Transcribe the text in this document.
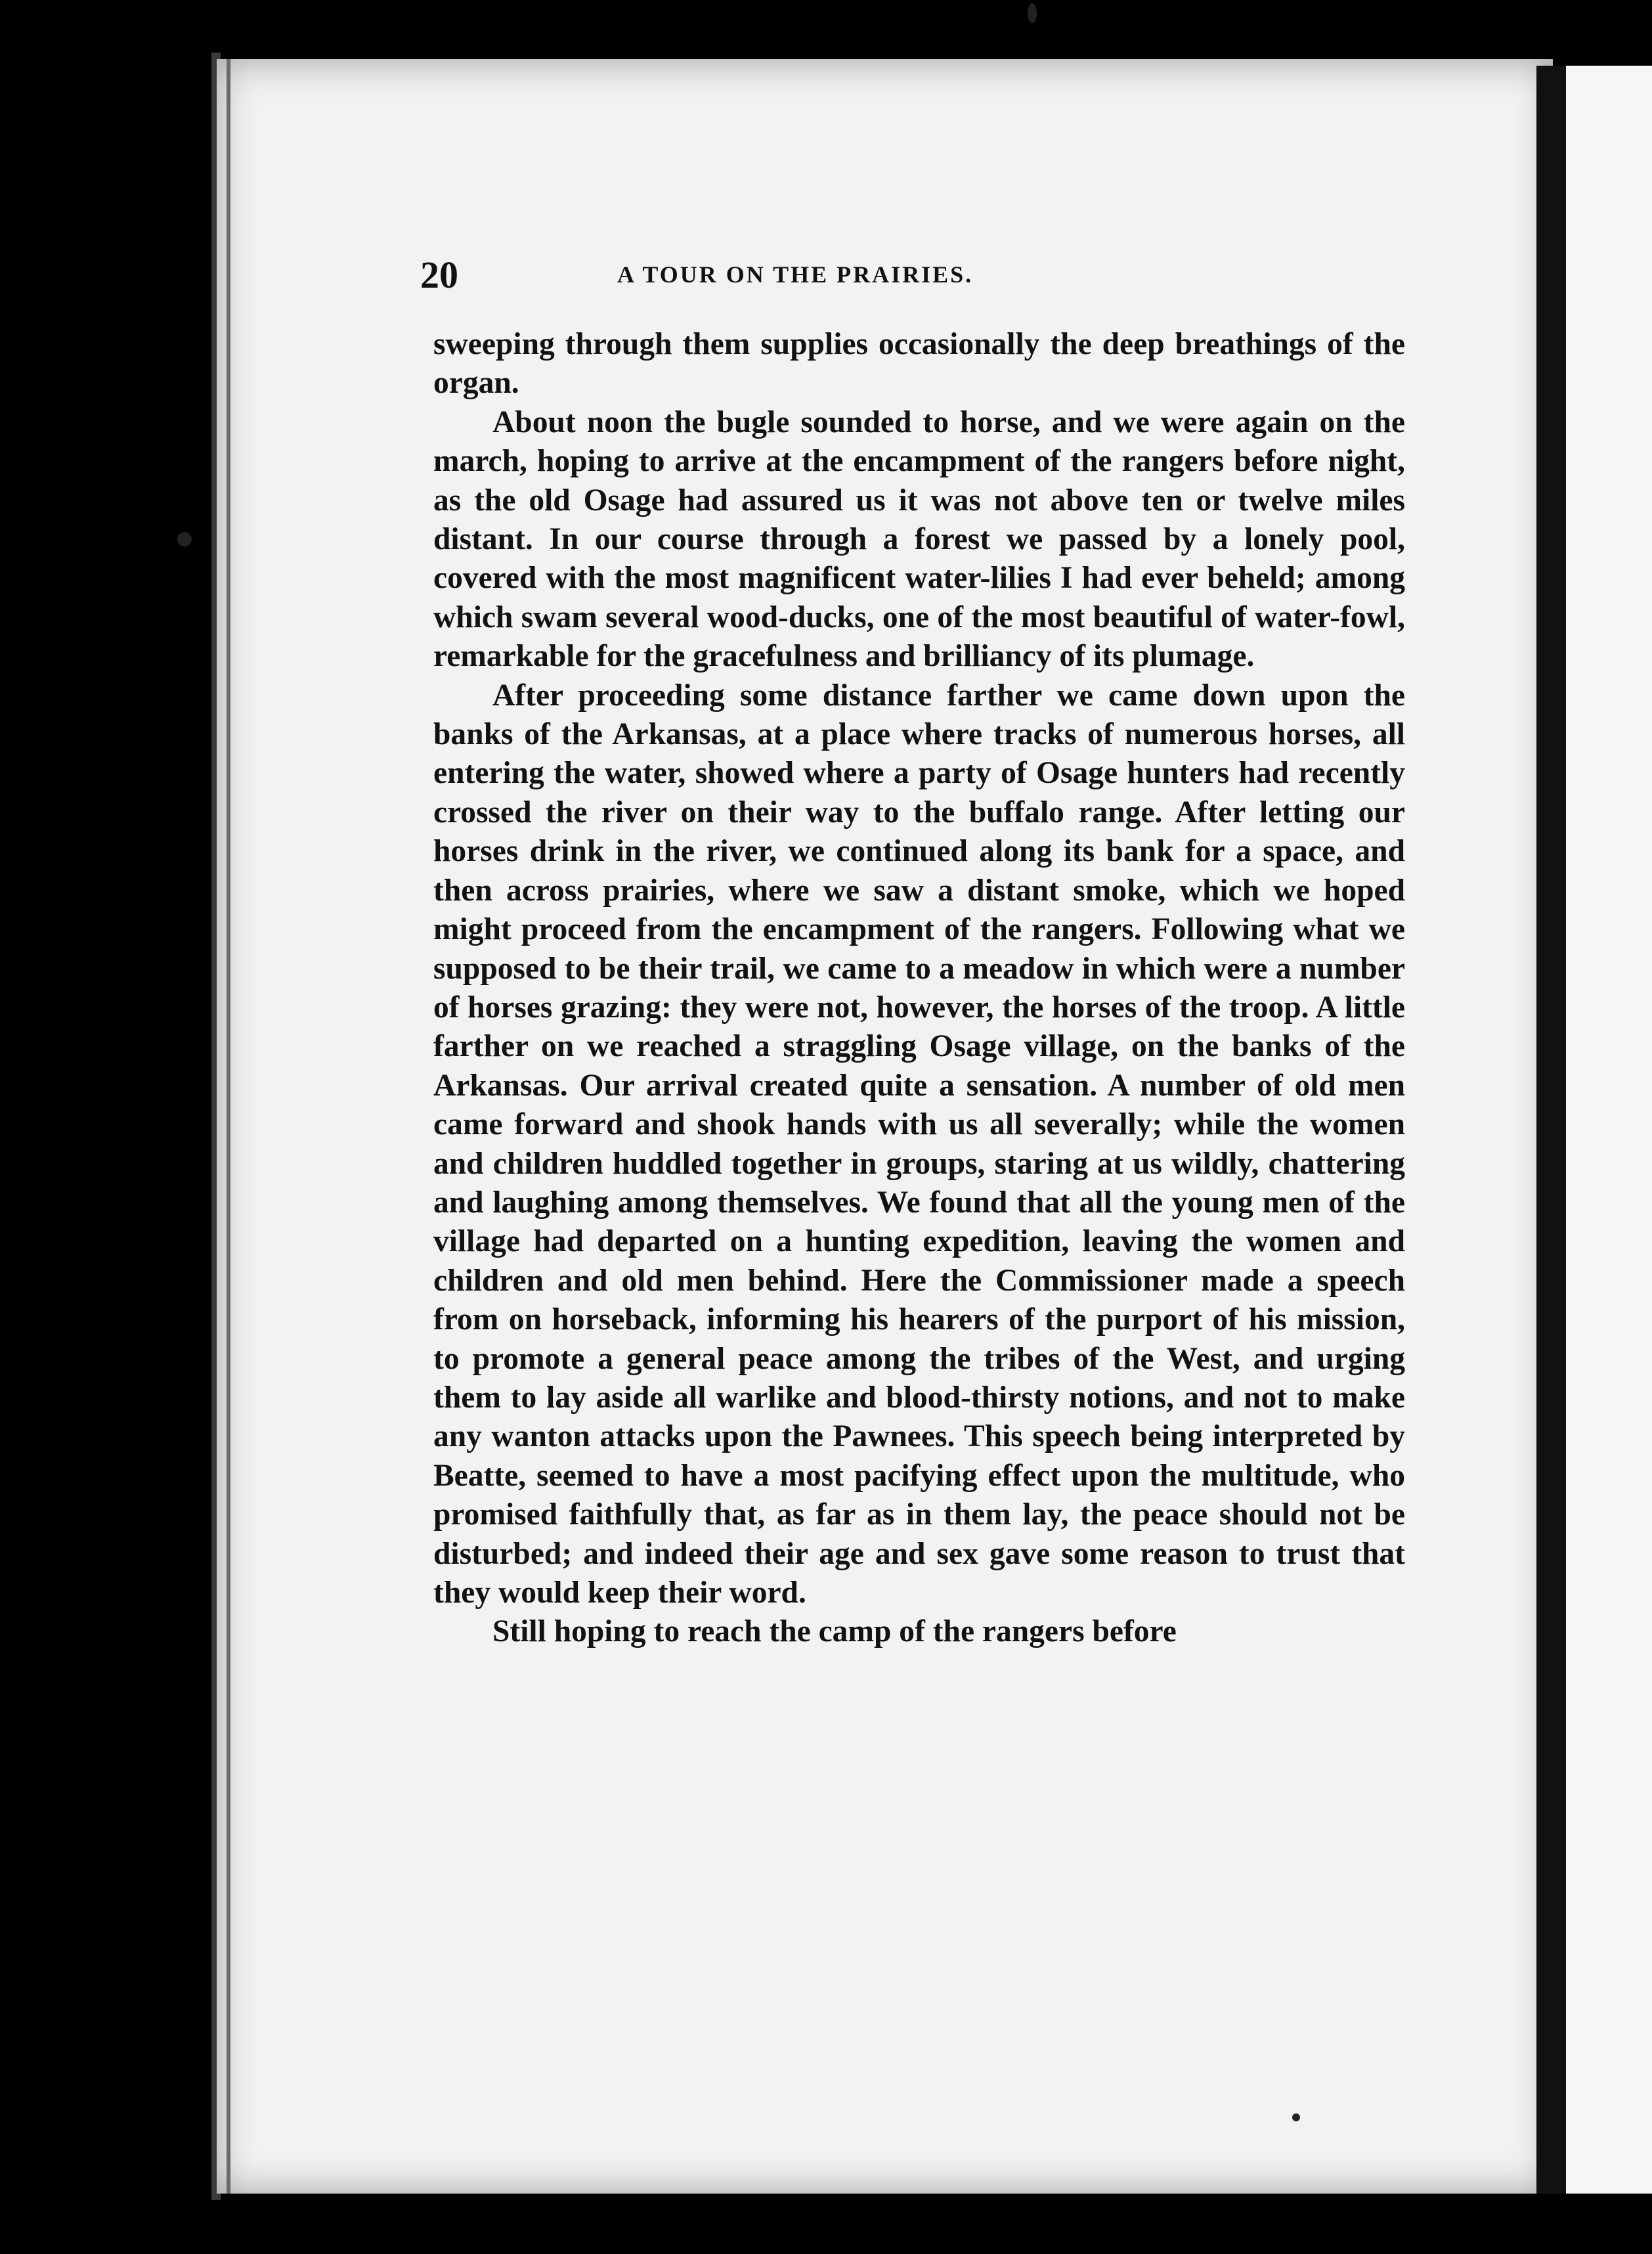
20	A TOUR ON THE PRAIRIES.

sweeping through them supplies occasionally the deep breathings of the organ.

About noon the bugle sounded to horse, and we were again on the march, hoping to arrive at the encampment of the rangers before night, as the old Osage had assured us it was not above ten or twelve miles distant. In our course through a forest we passed by a lonely pool, covered with the most magnificent water-lilies I had ever beheld; among which swam several wood-ducks, one of the most beautiful of water-fowl, remarkable for the gracefulness and brilliancy of its plumage.

After proceeding some distance farther we came down upon the banks of the Arkansas, at a place where tracks of numerous horses, all entering the water, showed where a party of Osage hunters had recently crossed the river on their way to the buffalo range. After letting our horses drink in the river, we continued along its bank for a space, and then across prairies, where we saw a distant smoke, which we hoped might proceed from the encampment of the rangers. Following what we supposed to be their trail, we came to a meadow in which were a number of horses grazing: they were not, however, the horses of the troop. A little farther on we reached a straggling Osage village, on the banks of the Arkansas. Our arrival created quite a sensation. A number of old men came forward and shook hands with us all severally; while the women and children huddled together in groups, staring at us wildly, chattering and laughing among themselves. We found that all the young men of the village had departed on a hunting expedition, leaving the women and children and old men behind. Here the Commissioner made a speech from on horseback, informing his hearers of the purport of his mission, to promote a general peace among the tribes of the West, and urging them to lay aside all warlike and blood-thirsty notions, and not to make any wanton attacks upon the Pawnees. This speech being interpreted by Beatte, seemed to have a most pacifying effect upon the multitude, who promised faithfully that, as far as in them lay, the peace should not be disturbed; and indeed their age and sex gave some reason to trust that they would keep their word.

Still hoping to reach the camp of the rangers before
